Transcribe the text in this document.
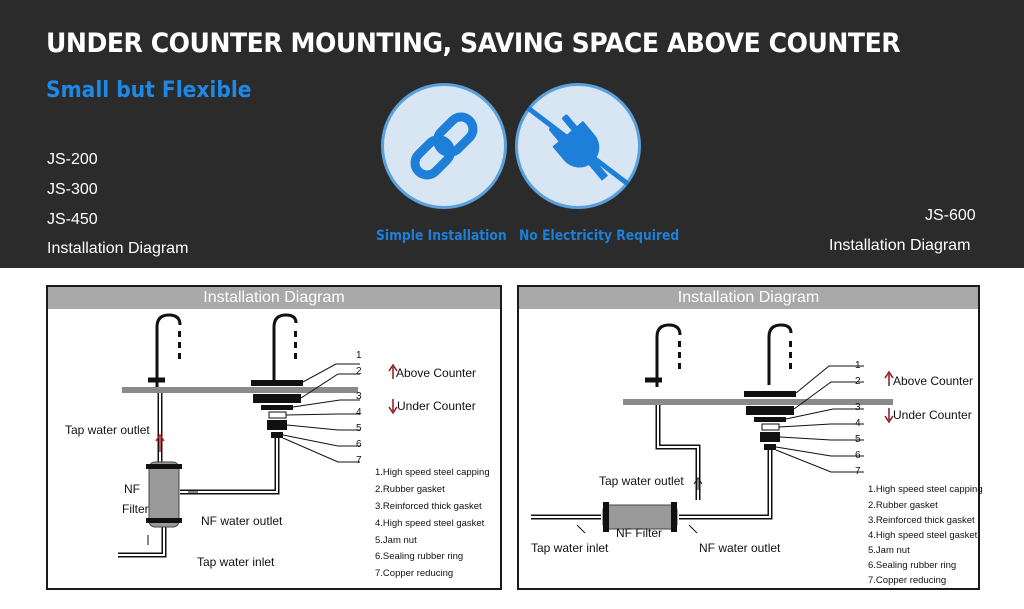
UNDER COUNTER MOUNTING, SAVING SPACE ABOVE COUNTER
Small but Flexible
JS-200
JS-300
JS-450
Installation Diagram
JS-600
Installation Diagram
Simple Installation No Electricity Required
Installation Diagram
1
2
3
4
5
6
7
Above Counter
Under Counter
Tap water outlet
NF
Filter
NF water outlet
Tap water inlet
1.High speed steel capping
2.Rubber gasket
3.Reinforced thick gasket
4.High speed steel gasket
5.Jam nut
6.Sealing rubber ring
7.Copper reducing
Installation Diagram
1
2
3
4
5
6
7
Above Counter
Under Counter
Tap water outlet
NF Filter
Tap water inlet	NF water outlet
1.High speed steel capping
2.Rubber gasket
3.Reinforced thick gasket
4.High speed steel gasket
5.Jam nut
6.Sealing rubber ring
7.Copper reducing
